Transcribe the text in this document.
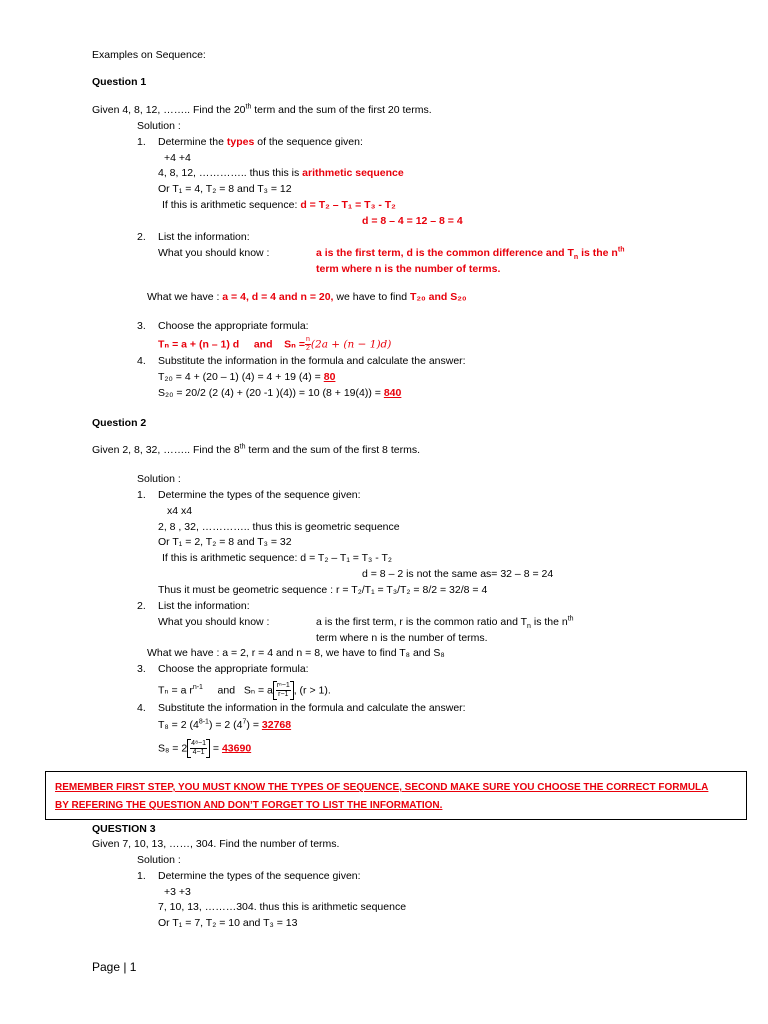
Examples on Sequence:
Question 1
Given 4, 8, 12, …….. Find the 20th term and the sum of the first 20 terms.
Solution :
1. Determine the types of the sequence given:
+4 +4
4, 8, 12, ………….. thus this is arithmetic sequence
Or T₁ = 4, T₂ = 8 and T₃ = 12
If this is arithmetic sequence: d = T₂ – T₁ = T₃ - T₂
d = 8 – 4 = 12 – 8 = 4
2. List the information:
What you should know :	a is the first term, d is the common difference and $T_n$ is the $n^{th}$
term where n is the number of terms.
What we have : a = 4, d = 4 and n = 20, we have to find T₂₀ and S₂₀
3. Choose the appropriate formula:
Tₙ = a + (n – 1) d and $S_n = \frac{n}{2} (2a + (n - 1)d)$
4. Substitute the information in the formula and calculate the answer:
T₂₀ = 4 + (20 – 1) (4) = 4 + 19 (4) = 80
S₂₀ = 20/2 (2 (4) + (20 -1 )(4)) = 10 (8 + 19(4)) = 840
Question 2
Given 2, 8, 32, …….. Find the 8th term and the sum of the first 8 terms.
Solution :
1. Determine the types of the sequence given:
x4 x4
2, 8 , 32, ………….. thus this is geometric sequence
Or T₁ = 2, T₂ = 8 and T₃ = 32
If this is arithmetic sequence: d = T₂ – T₁ = T₃ - T₂
d = 8 – 2 is not the same as= 32 – 8 = 24
Thus it must be geometric sequence : r = T₂/T₁ = T₃/T₂ = 8/2 = 32/8 = 4
2. List the information:
What you should know :	a is the first term, r is the common ratio and $T_n$ is the $n^{th}$
term where n is the number of terms.
What we have : a = 2, r = 4 and n = 8, we have to find T₈ and S₈
3. Choose the appropriate formula:
Tₙ = a $r^{n-1}$ and Sₙ = a $\frac{\text{rⁿ−1}}{r-1}$ , (r > 1).
4. Substitute the information in the formula and calculate the answer:
T₈ = 2 $(4^{8-1}) = 2$ $(4^7) = 32768$
$S_8 = 2 \frac{\text{4⁸−1}}{4-1} = 43690$
REMEMBER FIRST STEP, YOU MUST KNOW THE TYPES OF SEQUENCE, SECOND MAKE SURE YOU CHOOSE THE CORRECT FORMULA
BY REFERING THE QUESTION AND DON’T FORGET TO LIST THE INFORMATION.
QUESTION 3
Given 7, 10, 13, ……, 304. Find the number of terms.
Solution :
1. Determine the types of the sequence given:
+3 +3
7, 10, 13, ………304. thus this is arithmetic sequence
Or T₁ = 7, T₂ = 10 and T₃ = 13
Page | 1
